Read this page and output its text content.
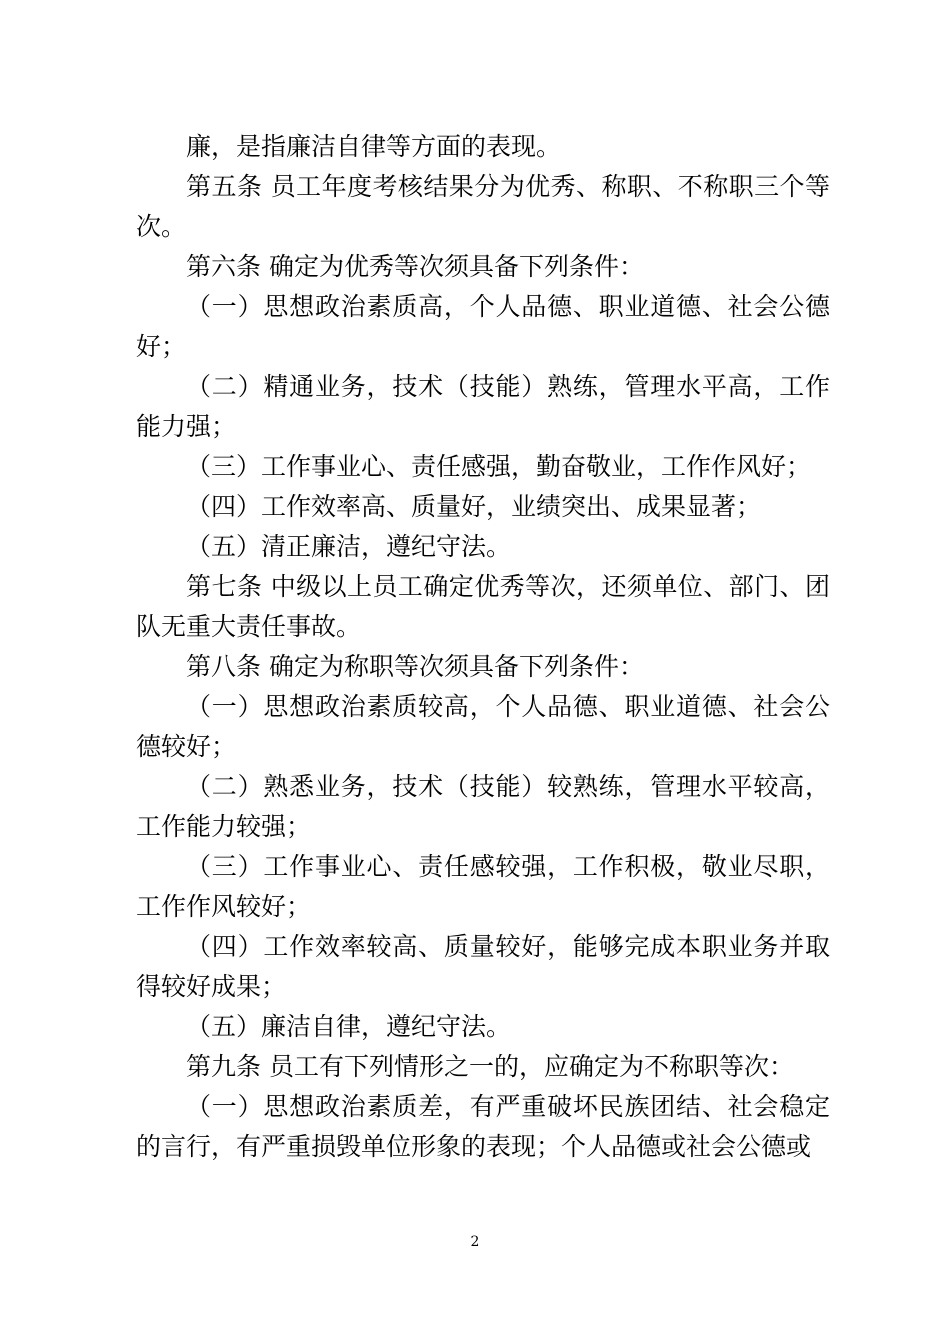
廉，是指廉洁自律等方面的表现。

第五条 员工年度考核结果分为优秀、称职、不称职三个等次。

第六条 确定为优秀等次须具备下列条件：

（一）思想政治素质高，个人品德、职业道德、社会公德好；

（二）精通业务，技术（技能）熟练，管理水平高，工作能力强；

（三）工作事业心、责任感强，勤奋敬业，工作作风好；

（四）工作效率高、质量好，业绩突出、成果显著；

（五）清正廉洁，遵纪守法。

第七条 中级以上员工确定优秀等次，还须单位、部门、团队无重大责任事故。

第八条 确定为称职等次须具备下列条件：

（一）思想政治素质较高，个人品德、职业道德、社会公德较好；

（二）熟悉业务，技术（技能）较熟练，管理水平较高，工作能力较强；

（三）工作事业心、责任感较强，工作积极，敬业尽职，工作作风较好；

（四）工作效率较高、质量较好，能够完成本职业务并取得较好成果；

（五）廉洁自律，遵纪守法。

第九条 员工有下列情形之一的，应确定为不称职等次：

（一）思想政治素质差，有严重破坏民族团结、社会稳定的言行，有严重损毁单位形象的表现；个人品德或社会公德或

2
